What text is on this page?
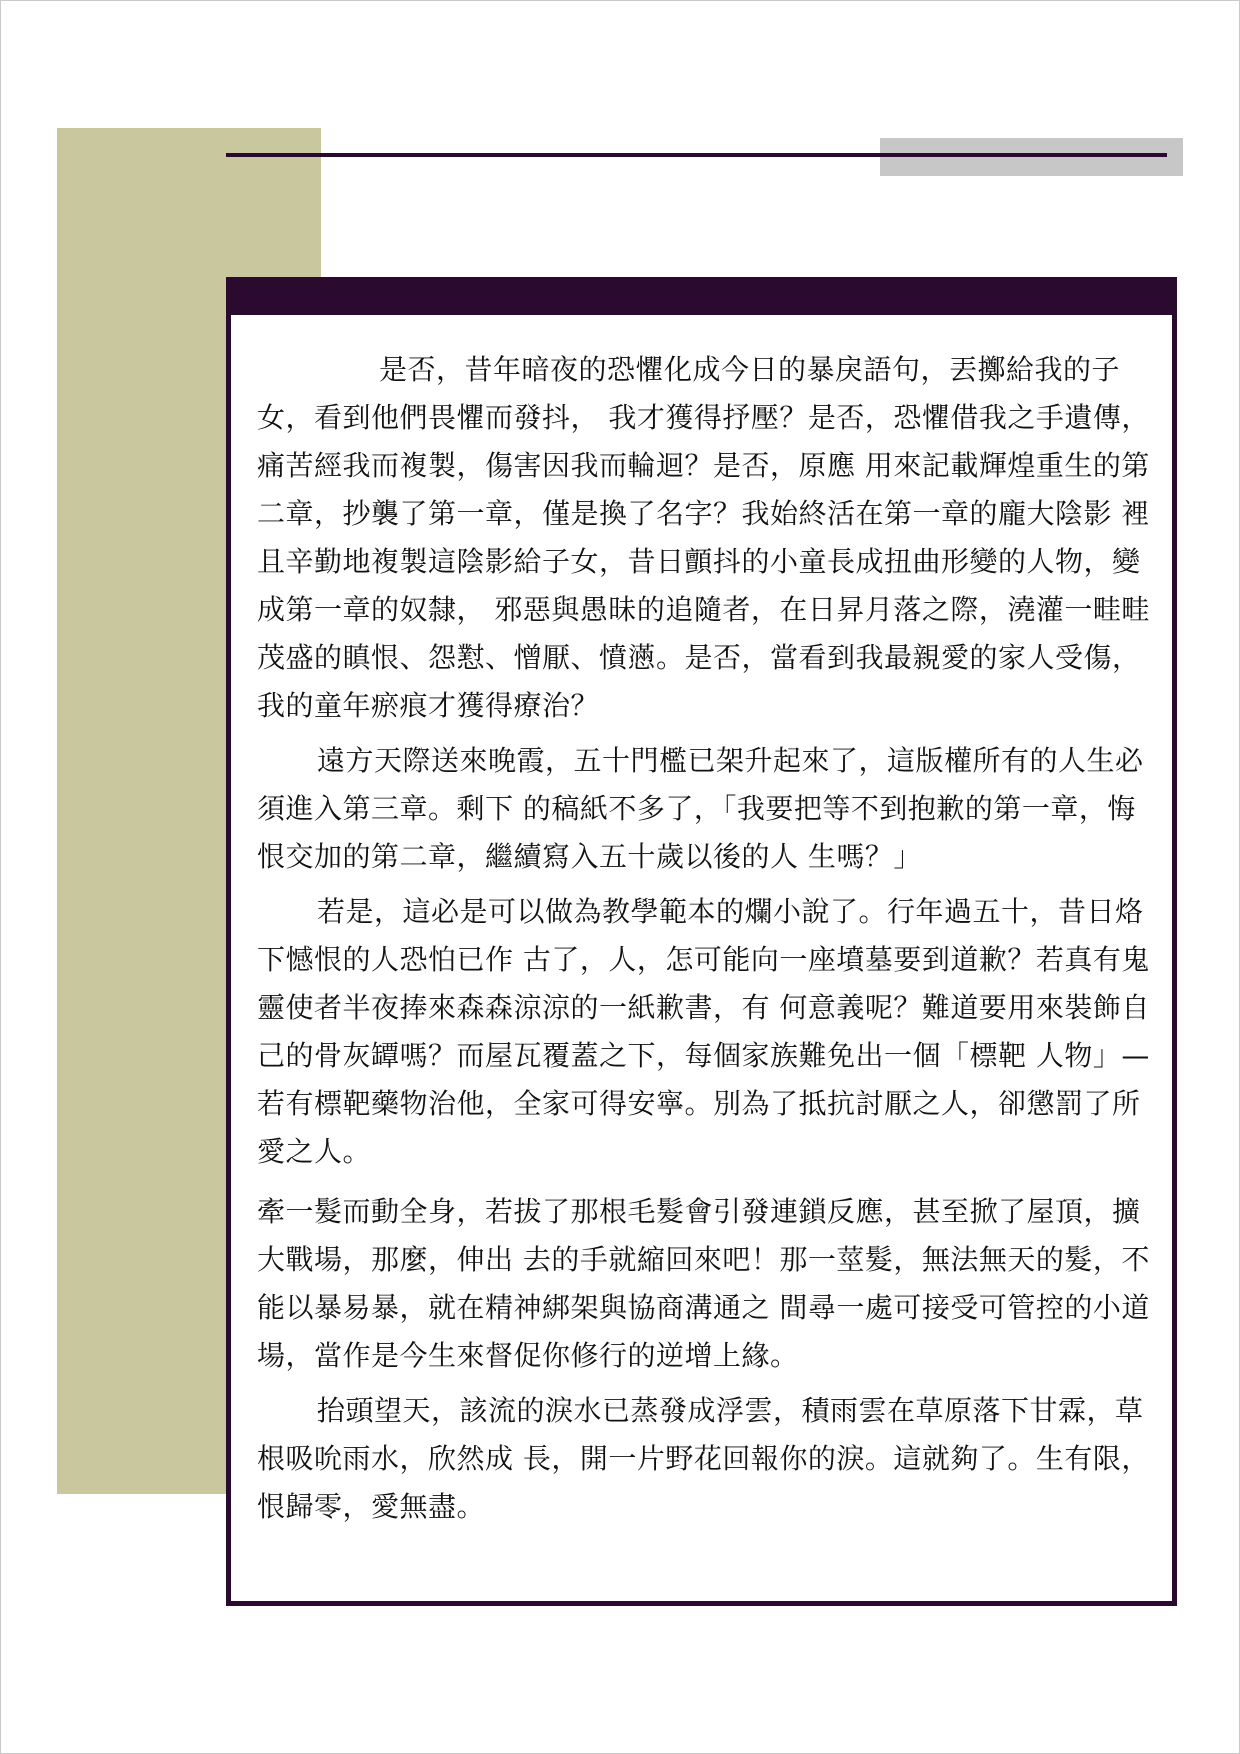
是否，昔年暗夜的恐懼化成今日的暴戾語句，丟擲給我的子女，看到他們畏懼而發抖， 我才獲得抒壓？是否，恐懼借我之手遺傳，痛苦經我而複製，傷害因我而輪迴？是否，原應 用來記載輝煌重生的第二章，抄襲了第一章，僅是換了名字？我始終活在第一章的龐大陰影 裡且辛勤地複製這陰影給子女，昔日顫抖的小童長成扭曲形變的人物，變成第一章的奴隸， 邪惡與愚昧的追隨者，在日昇月落之際，澆灌一畦畦茂盛的瞋恨、怨懟、憎厭、憤懣。是否，當看到我最親愛的家人受傷，我的童年瘀痕才獲得療治？

遠方天際送來晚霞，五十門檻已架升起來了，這版權所有的人生必須進入第三章。剩下 的稿紙不多了，「我要把等不到抱歉的第一章，悔恨交加的第二章，繼續寫入五十歲以後的人 生嗎？」

若是，這必是可以做為教學範本的爛小說了。行年過五十，昔日烙下憾恨的人恐怕已作 古了，人，怎可能向一座墳墓要到道歉？若真有鬼靈使者半夜捧來森森涼涼的一紙歉書，有 何意義呢？難道要用來裝飾自己的骨灰罈嗎？而屋瓦覆蓋之下，每個家族難免出一個「標靶 人物」—若有標靶藥物治他，全家可得安寧。別為了抵抗討厭之人，卻懲罰了所愛之人。

牽一髮而動全身，若拔了那根毛髮會引發連鎖反應，甚至掀了屋頂，擴大戰場，那麼，伸出 去的手就縮回來吧！那一莖髮，無法無天的髮，不能以暴易暴，就在精神綁架與協商溝通之 間尋一處可接受可管控的小道場，當作是今生來督促你修行的逆增上緣。

抬頭望天，該流的淚水已蒸發成浮雲，積雨雲在草原落下甘霖，草根吸吮雨水，欣然成 長，開一片野花回報你的淚。這就夠了。生有限，恨歸零，愛無盡。
